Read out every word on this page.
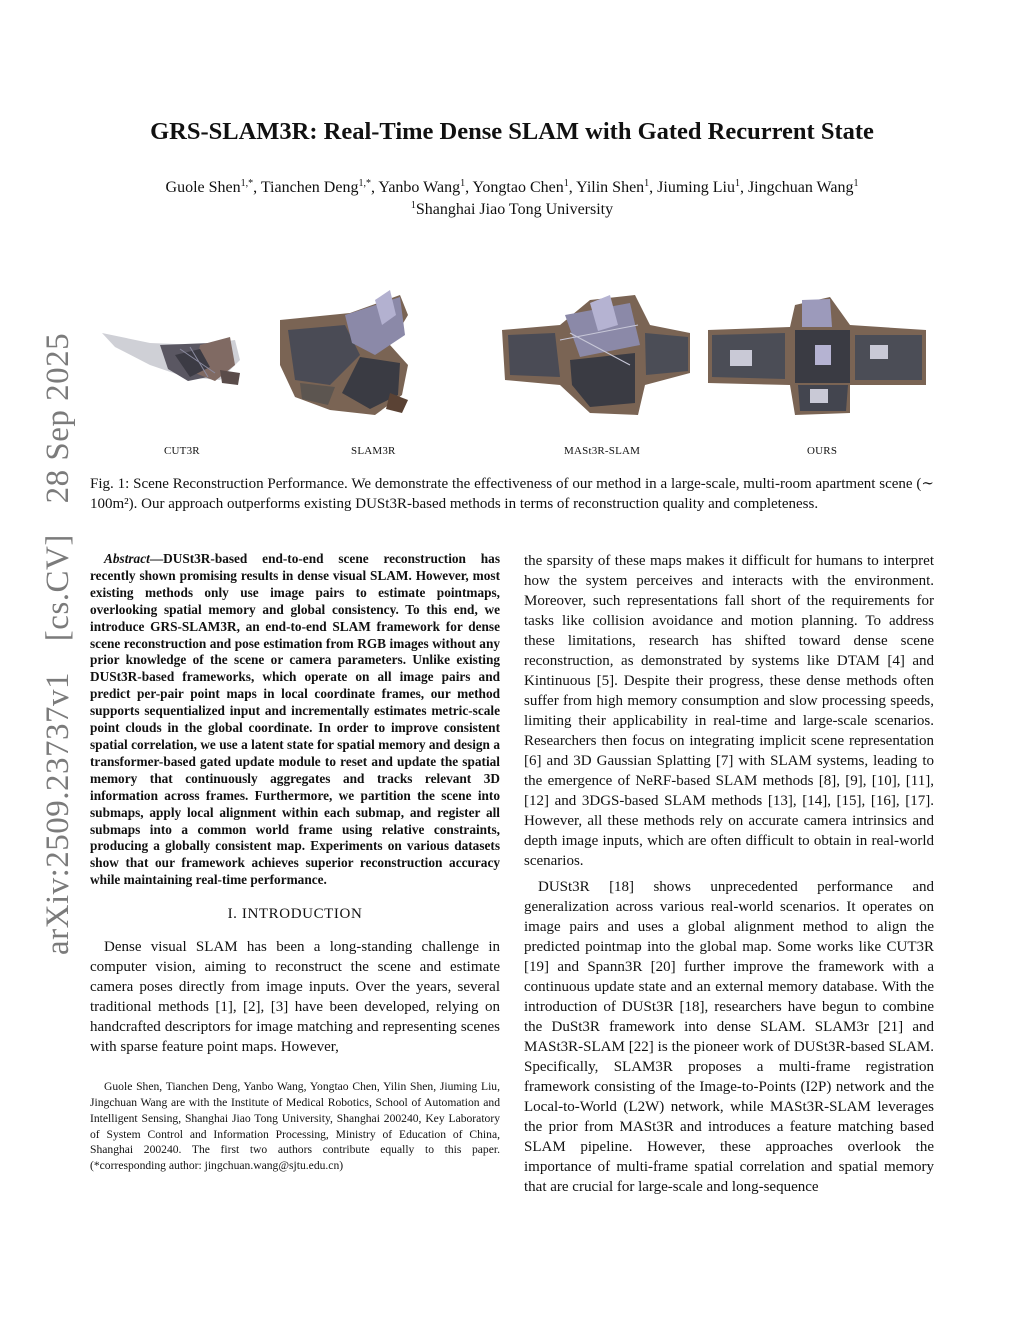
arXiv:2509.23737v1 [cs.CV] 28 Sep 2025
GRS-SLAM3R: Real-Time Dense SLAM with Gated Recurrent State
Guole Shen$^{1,*}$, Tianchen Deng$^{1,*}$, Yanbo Wang$^1$, Yongtao Chen$^1$, Yilin Shen$^1$, Jiuming Liu$^1$, Jingchuan Wang$^1$
$^1$Shanghai Jiao Tong University
CUT3R	SLAM3R	MASt3R-SLAM	OURS
Fig. 1: Scene Reconstruction Performance. We demonstrate the effectiveness of our method in a large-scale, multi-room apartment scene (∼ 100m²). Our approach outperforms existing DUSt3R-based methods in terms of reconstruction quality and completeness.

Abstract—DUSt3R-based end-to-end scene reconstruction has recently shown promising results in dense visual SLAM. However, most existing methods only use image pairs to estimate pointmaps, overlooking spatial memory and global consistency. To this end, we introduce GRS-SLAM3R, an end-to-end SLAM framework for dense scene reconstruction and pose estimation from RGB images without any prior knowledge of the scene or camera parameters. Unlike existing DUSt3R-based frameworks, which operate on all image pairs and predict per-pair point maps in local coordinate frames, our method supports sequentialized input and incrementally estimates metric-scale point clouds in the global coordinate. In order to improve consistent spatial correlation, we use a latent state for spatial memory and design a transformer-based gated update module to reset and update the spatial memory that continuously aggregates and tracks relevant 3D information across frames. Furthermore, we partition the scene into submaps, apply local alignment within each submap, and register all submaps into a common world frame using relative constraints, producing a globally consistent map. Experiments on various datasets show that our framework achieves superior reconstruction accuracy while maintaining real-time performance.

I. INTRODUCTION

Dense visual SLAM has been a long-standing challenge in computer vision, aiming to reconstruct the scene and estimate camera poses directly from image inputs. Over the years, several traditional methods [1], [2], [3] have been developed, relying on handcrafted descriptors for image matching and representing scenes with sparse feature point maps. However,

Guole Shen, Tianchen Deng, Yanbo Wang, Yongtao Chen, Yilin Shen, Jiuming Liu, Jingchuan Wang are with the Institute of Medical Robotics, School of Automation and Intelligent Sensing, Shanghai Jiao Tong University, Shanghai 200240, Key Laboratory of System Control and Information Processing, Ministry of Education of China, Shanghai 200240. The first two authors contribute equally to this paper. (*corresponding author: jingchuan.wang@sjtu.edu.cn)

the sparsity of these maps makes it difficult for humans to interpret how the system perceives and interacts with the environment. Moreover, such representations fall short of the requirements for tasks like collision avoidance and motion planning. To address these limitations, research has shifted toward dense scene reconstruction, as demonstrated by systems like DTAM [4] and Kintinuous [5]. Despite their progress, these dense methods often suffer from high memory consumption and slow processing speeds, limiting their applicability in real-time and large-scale scenarios. Researchers then focus on integrating implicit scene representation [6] and 3D Gaussian Splatting [7] with SLAM systems, leading to the emergence of NeRF-based SLAM methods [8], [9], [10], [11], [12] and 3DGS-based SLAM methods [13], [14], [15], [16], [17]. However, all these methods rely on accurate camera intrinsics and depth image inputs, which are often difficult to obtain in real-world scenarios.

DUSt3R [18] shows unprecedented performance and generalization across various real-world scenarios. It operates on image pairs and uses a global alignment method to align the predicted pointmap into the global map. Some works like CUT3R [19] and Spann3R [20] further improve the framework with a continuous update state and an external memory database. With the introduction of DUSt3R [18], researchers have begun to combine the DuSt3R framework into dense SLAM. SLAM3r [21] and MASt3R-SLAM [22] is the pioneer work of DUSt3R-based SLAM. Specifically, SLAM3R proposes a multi-frame registration framework consisting of the Image-to-Points (I2P) network and the Local-to-World (L2W) network, while MASt3R-SLAM leverages the prior from MASt3R and introduces a feature matching based SLAM pipeline. However, these approaches overlook the importance of multi-frame spatial correlation and spatial memory that are crucial for large-scale and long-sequence
